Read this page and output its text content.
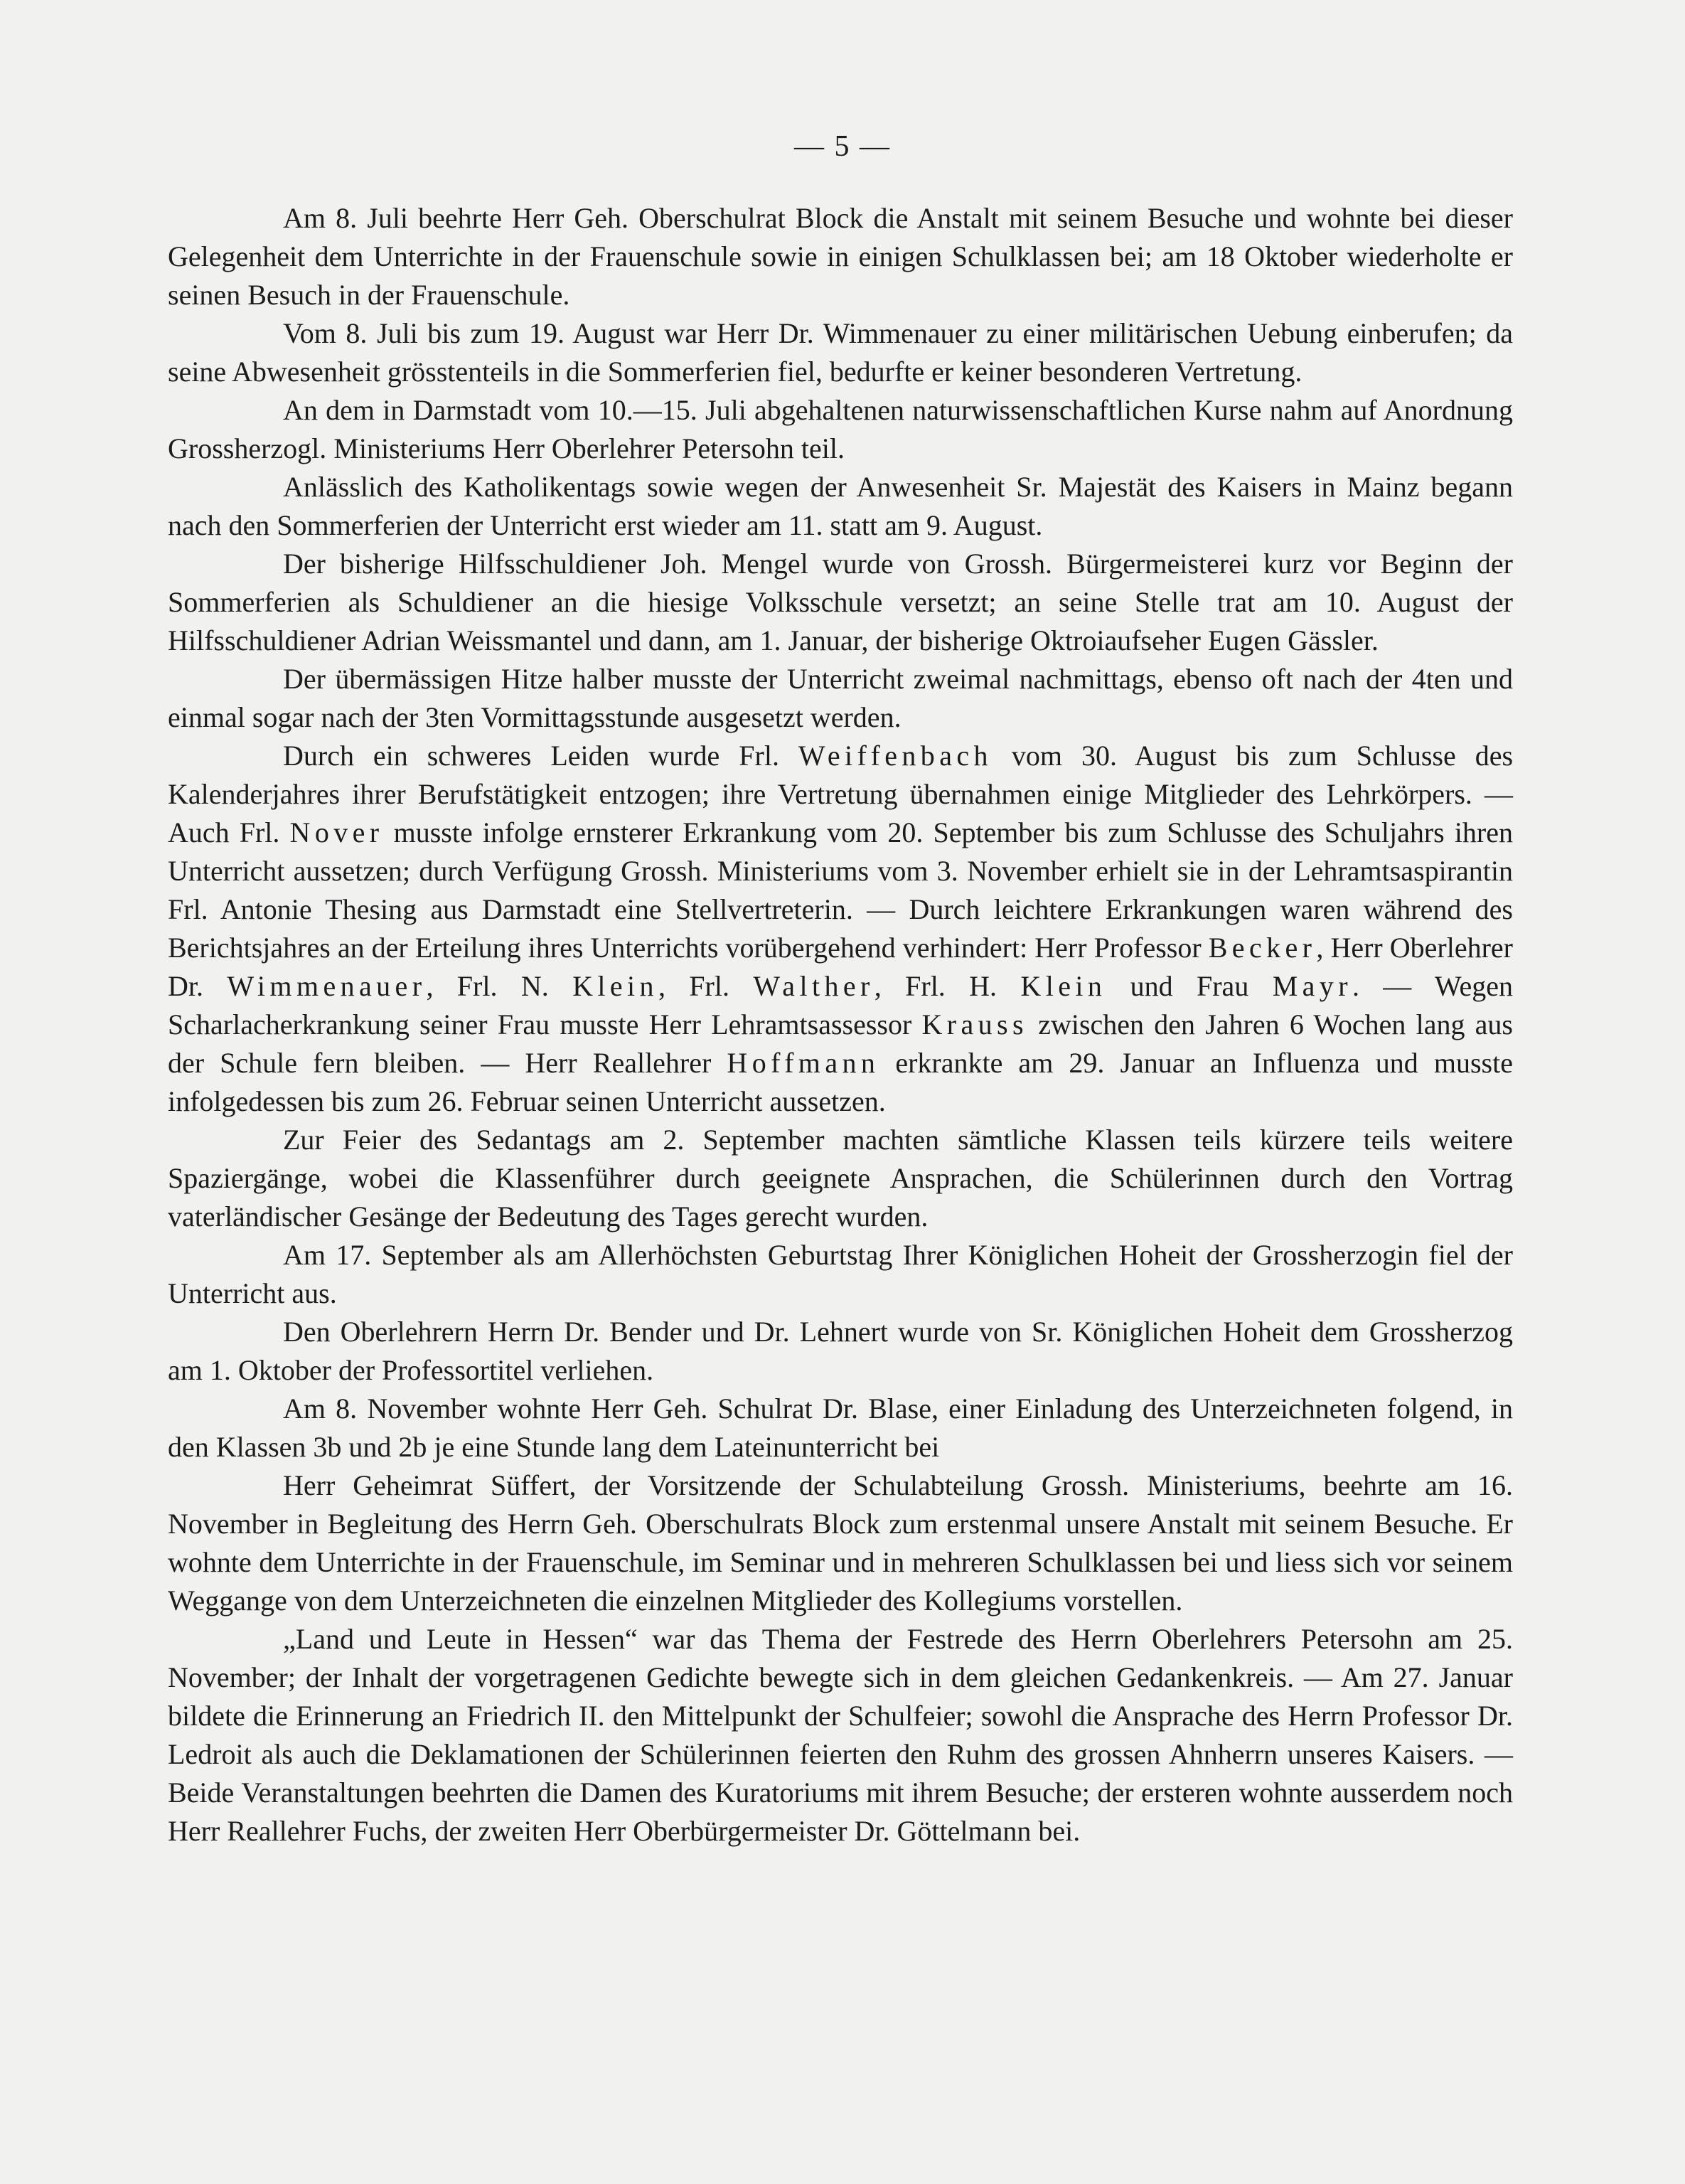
— 5 —

Am 8. Juli beehrte Herr Geh. Oberschulrat Block die Anstalt mit seinem Besuche und wohnte bei dieser Gelegenheit dem Unterrichte in der Frauenschule sowie in einigen Schulklassen bei; am 18 Oktober wiederholte er seinen Besuch in der Frauenschule.

Vom 8. Juli bis zum 19. August war Herr Dr. Wimmenauer zu einer militärischen Uebung einberufen; da seine Abwesenheit grösstenteils in die Sommerferien fiel, bedurfte er keiner besonderen Vertretung.

An dem in Darmstadt vom 10.—15. Juli abgehaltenen naturwissenschaftlichen Kurse nahm auf Anordnung Grossherzogl. Ministeriums Herr Oberlehrer Petersohn teil.

Anlässlich des Katholikentags sowie wegen der Anwesenheit Sr. Majestät des Kaisers in Mainz begann nach den Sommerferien der Unterricht erst wieder am 11. statt am 9. August.

Der bisherige Hilfsschuldiener Joh. Mengel wurde von Grossh. Bürgermeisterei kurz vor Beginn der Sommerferien als Schuldiener an die hiesige Volksschule versetzt; an seine Stelle trat am 10. August der Hilfsschuldiener Adrian Weissmantel und dann, am 1. Januar, der bisherige Oktroiaufseher Eugen Gässler.

Der übermässigen Hitze halber musste der Unterricht zweimal nachmittags, ebenso oft nach der 4ten und einmal sogar nach der 3ten Vormittagsstunde ausgesetzt werden.

Durch ein schweres Leiden wurde Frl. Weiffenbach vom 30. August bis zum Schlusse des Kalenderjahres ihrer Berufstätigkeit entzogen; ihre Vertretung übernahmen einige Mitglieder des Lehrkörpers. — Auch Frl. Nover musste infolge ernsterer Erkrankung vom 20. September bis zum Schlusse des Schuljahrs ihren Unterricht aussetzen; durch Verfügung Grossh. Ministeriums vom 3. November erhielt sie in der Lehramtsaspirantin Frl. Antonie Thesing aus Darmstadt eine Stellvertreterin. — Durch leichtere Erkrankungen waren während des Berichtsjahres an der Erteilung ihres Unterrichts vorübergehend verhindert: Herr Professor Becker, Herr Oberlehrer Dr. Wimmenauer, Frl. N. Klein, Frl. Walther, Frl. H. Klein und Frau Mayr. — Wegen Scharlacherkrankung seiner Frau musste Herr Lehramtsassessor Krauss zwischen den Jahren 6 Wochen lang aus der Schule fern bleiben. — Herr Reallehrer Hoffmann erkrankte am 29. Januar an Influenza und musste infolgedessen bis zum 26. Februar seinen Unterricht aussetzen.

Zur Feier des Sedantags am 2. September machten sämtliche Klassen teils kürzere teils weitere Spaziergänge, wobei die Klassenführer durch geeignete Ansprachen, die Schülerinnen durch den Vortrag vaterländischer Gesänge der Bedeutung des Tages gerecht wurden.

Am 17. September als am Allerhöchsten Geburtstag Ihrer Königlichen Hoheit der Grossherzogin fiel der Unterricht aus.

Den Oberlehrern Herrn Dr. Bender und Dr. Lehnert wurde von Sr. Königlichen Hoheit dem Grossherzog am 1. Oktober der Professortitel verliehen.

Am 8. November wohnte Herr Geh. Schulrat Dr. Blase, einer Einladung des Unterzeichneten folgend, in den Klassen 3b und 2b je eine Stunde lang dem Lateinunterricht bei

Herr Geheimrat Süffert, der Vorsitzende der Schulabteilung Grossh. Ministeriums, beehrte am 16. November in Begleitung des Herrn Geh. Oberschulrats Block zum erstenmal unsere Anstalt mit seinem Besuche. Er wohnte dem Unterrichte in der Frauenschule, im Seminar und in mehreren Schulklassen bei und liess sich vor seinem Weggange von dem Unterzeichneten die einzelnen Mitglieder des Kollegiums vorstellen.

„Land und Leute in Hessen“ war das Thema der Festrede des Herrn Oberlehrers Petersohn am 25. November; der Inhalt der vorgetragenen Gedichte bewegte sich in dem gleichen Gedankenkreis. — Am 27. Januar bildete die Erinnerung an Friedrich II. den Mittelpunkt der Schulfeier; sowohl die Ansprache des Herrn Professor Dr. Ledroit als auch die Deklamationen der Schülerinnen feierten den Ruhm des grossen Ahnherrn unseres Kaisers. — Beide Veranstaltungen beehrten die Damen des Kuratoriums mit ihrem Besuche; der ersteren wohnte ausserdem noch Herr Reallehrer Fuchs, der zweiten Herr Oberbürgermeister Dr. Göttelmann bei.
